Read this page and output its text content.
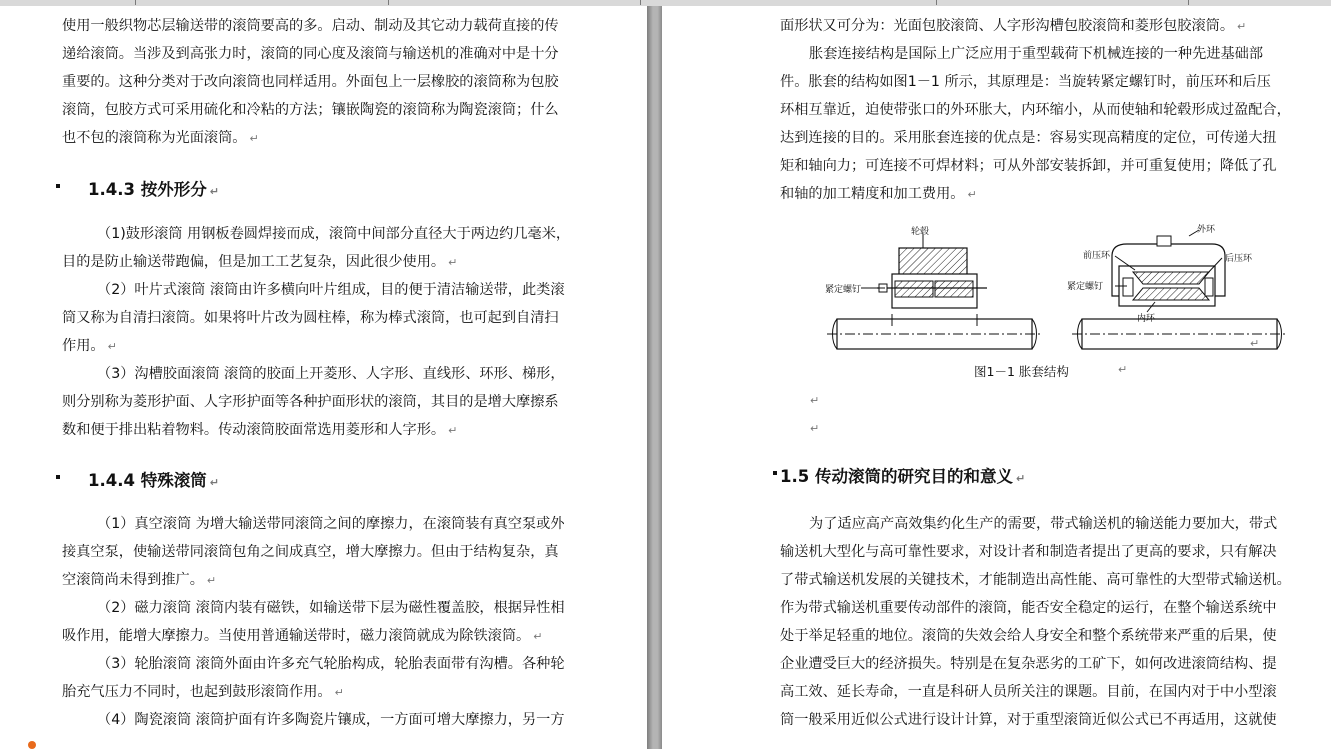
使用一般织物芯层输送带的滚筒要高的多。启动、制动及其它动力载荷直接的传
递给滚筒。当涉及到高张力时，滚筒的同心度及滚筒与输送机的准确对中是十分
重要的。这种分类对于改向滚筒也同样适用。外面包上一层橡胶的滚筒称为包胶
滚筒，包胶方式可采用硫化和冷粘的方法；镶嵌陶瓷的滚筒称为陶瓷滚筒；什么
也不包的滚筒称为光面滚筒。 ↵
1.4.3 按外形分 ↵
（1)鼓形滚筒 用钢板卷圆焊接而成，滚筒中间部分直径大于两边约几毫米，
目的是防止输送带跑偏，但是加工工艺复杂，因此很少使用。 ↵
（2）叶片式滚筒 滚筒由许多横向叶片组成，目的便于清洁输送带，此类滚
筒又称为自清扫滚筒。如果将叶片改为圆柱棒，称为棒式滚筒，也可起到自清扫
作用。 ↵
（3）沟槽胶面滚筒 滚筒的胶面上开菱形、人字形、直线形、环形、梯形，
则分别称为菱形护面、人字形护面等各种护面形状的滚筒，其目的是增大摩擦系
数和便于排出粘着物料。传动滚筒胶面常选用菱形和人字形。 ↵
1.4.4 特殊滚筒 ↵
（1）真空滚筒 为增大输送带同滚筒之间的摩擦力，在滚筒装有真空泵或外
接真空泵，使输送带同滚筒包角之间成真空，增大摩擦力。但由于结构复杂，真
空滚筒尚未得到推广。 ↵
（2）磁力滚筒 滚筒内装有磁铁，如输送带下层为磁性覆盖胶，根据异性相
吸作用，能增大摩擦力。当使用普通输送带时，磁力滚筒就成为除铁滚筒。 ↵
（3）轮胎滚筒 滚筒外面由许多充气轮胎构成，轮胎表面带有沟槽。各种轮
胎充气压力不同时，也起到鼓形滚筒作用。 ↵
（4）陶瓷滚筒 滚筒护面有许多陶瓷片镶成，一方面可增大摩擦力，另一方
轮毂
紧定螺钉
外环
前压环	后压环
紧定螺钉
内环
面形状又可分为：光面包胶滚筒、人字形沟槽包胶滚筒和菱形包胶滚筒。 ↵
胀套连接结构是国际上广泛应用于重型载荷下机械连接的一种先进基础部
件。胀套的结构如图1－1 所示，其原理是：当旋转紧定螺钉时，前压环和后压
环相互靠近，迫使带张口的外环胀大，内环缩小，从而使轴和轮毂形成过盈配合，
达到连接的目的。采用胀套连接的优点是：容易实现高精度的定位，可传递大扭
矩和轴向力；可连接不可焊材料；可从外部安装拆卸，并可重复使用；降低了孔
和轴的加工精度和加工费用。 ↵
图1－1 胀套结构	↵
↵
↵
↵
1.5 传动滚筒的研究目的和意义 ↵
为了适应高产高效集约化生产的需要，带式输送机的输送能力要加大，带式
输送机大型化与高可靠性要求，对设计者和制造者提出了更高的要求，只有解决
了带式输送机发展的关键技术，才能制造出高性能、高可靠性的大型带式输送机。
作为带式输送机重要传动部件的滚筒，能否安全稳定的运行，在整个输送系统中
处于举足轻重的地位。滚筒的失效会给人身安全和整个系统带来严重的后果，使
企业遭受巨大的经济损失。特别是在复杂恶劣的工矿下，如何改进滚筒结构、提
高工效、延长寿命，一直是科研人员所关注的课题。目前，在国内对于中小型滚
筒一般采用近似公式进行设计计算，对于重型滚筒近似公式已不再适用，这就使
